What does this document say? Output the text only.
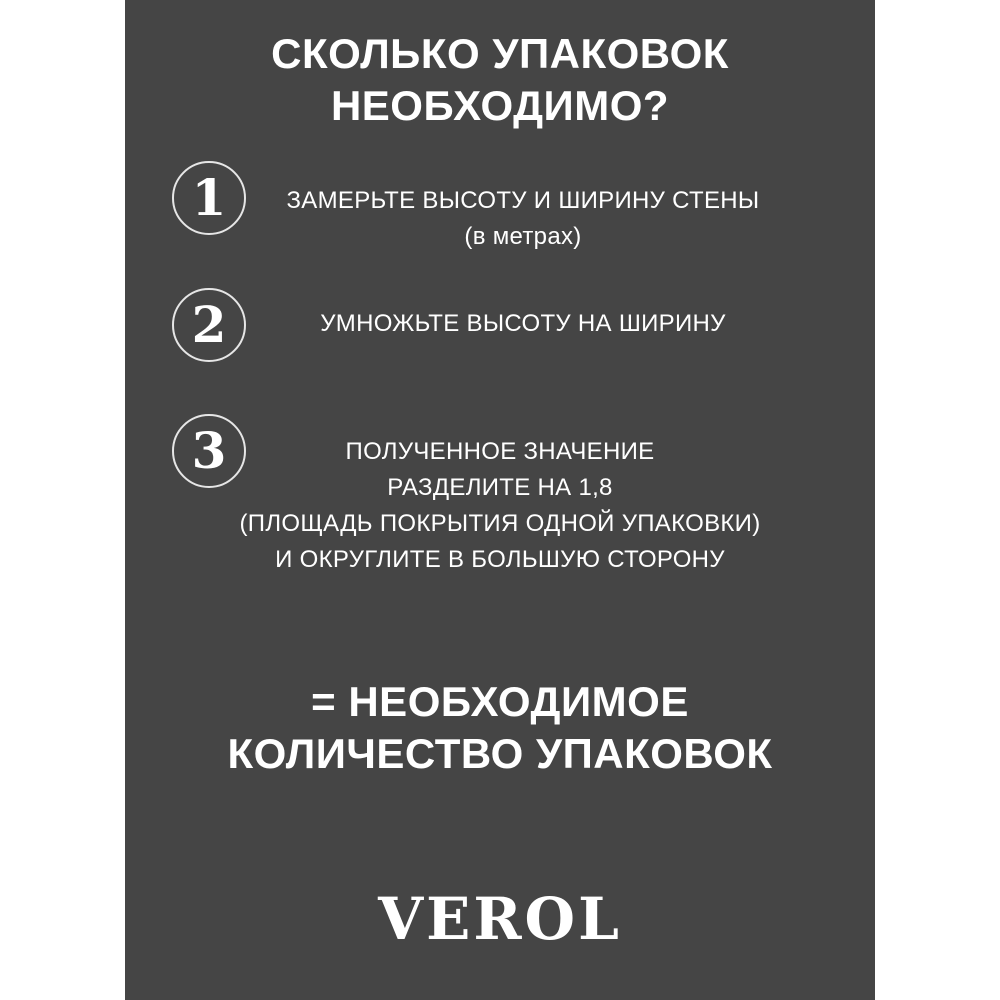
СКОЛЬКО УПАКОВОК
НЕОБХОДИМО?
1	ЗАМЕРЬТЕ ВЫСОТУ И ШИРИНУ СТЕНЫ
(в метрах)
2	УМНОЖЬТЕ ВЫСОТУ НА ШИРИНУ
3	ПОЛУЧЕННОЕ ЗНАЧЕНИЕ
РАЗДЕЛИТЕ НА 1,8
(ПЛОЩАДЬ ПОКРЫТИЯ ОДНОЙ УПАКОВКИ)
И ОКРУГЛИТЕ В БОЛЬШУЮ СТОРОНУ
= НЕОБХОДИМОЕ
КОЛИЧЕСТВО УПАКОВОК
VEROL
